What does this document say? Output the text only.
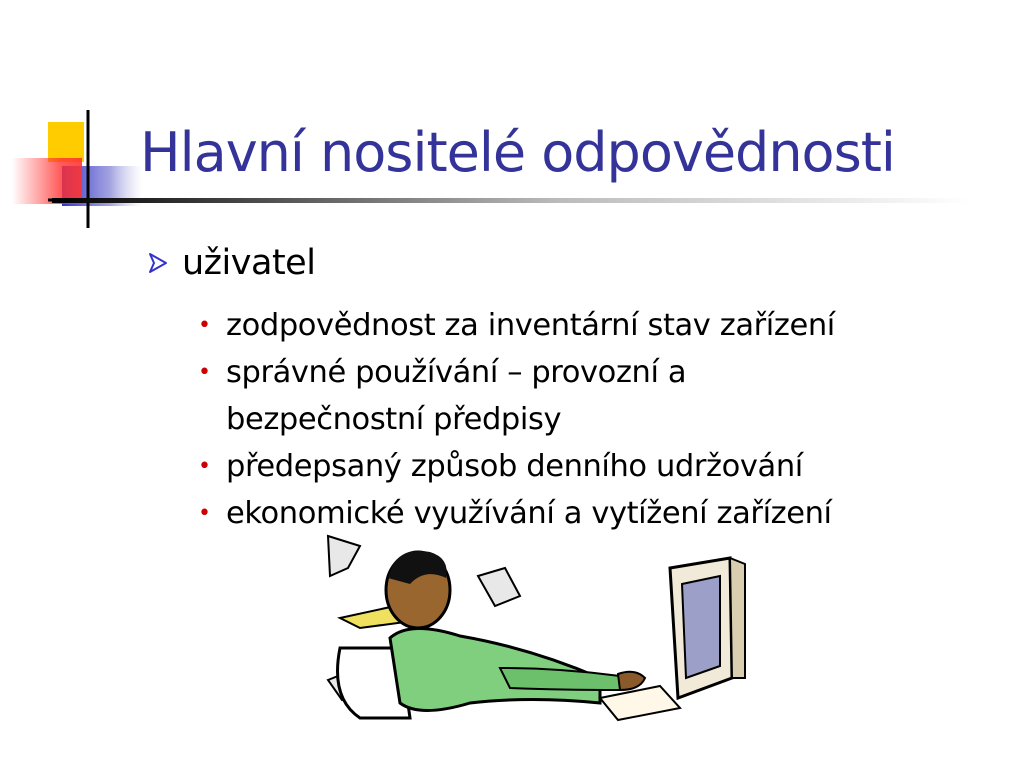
Hlavní nositelé odpovědnosti
uživatel
• zodpovědnost za inventární stav zařízení
• správné používání – provozní a bezpečnostní předpisy
• předepsaný způsob denního udržování
• ekonomické využívání a vytížení zařízení
